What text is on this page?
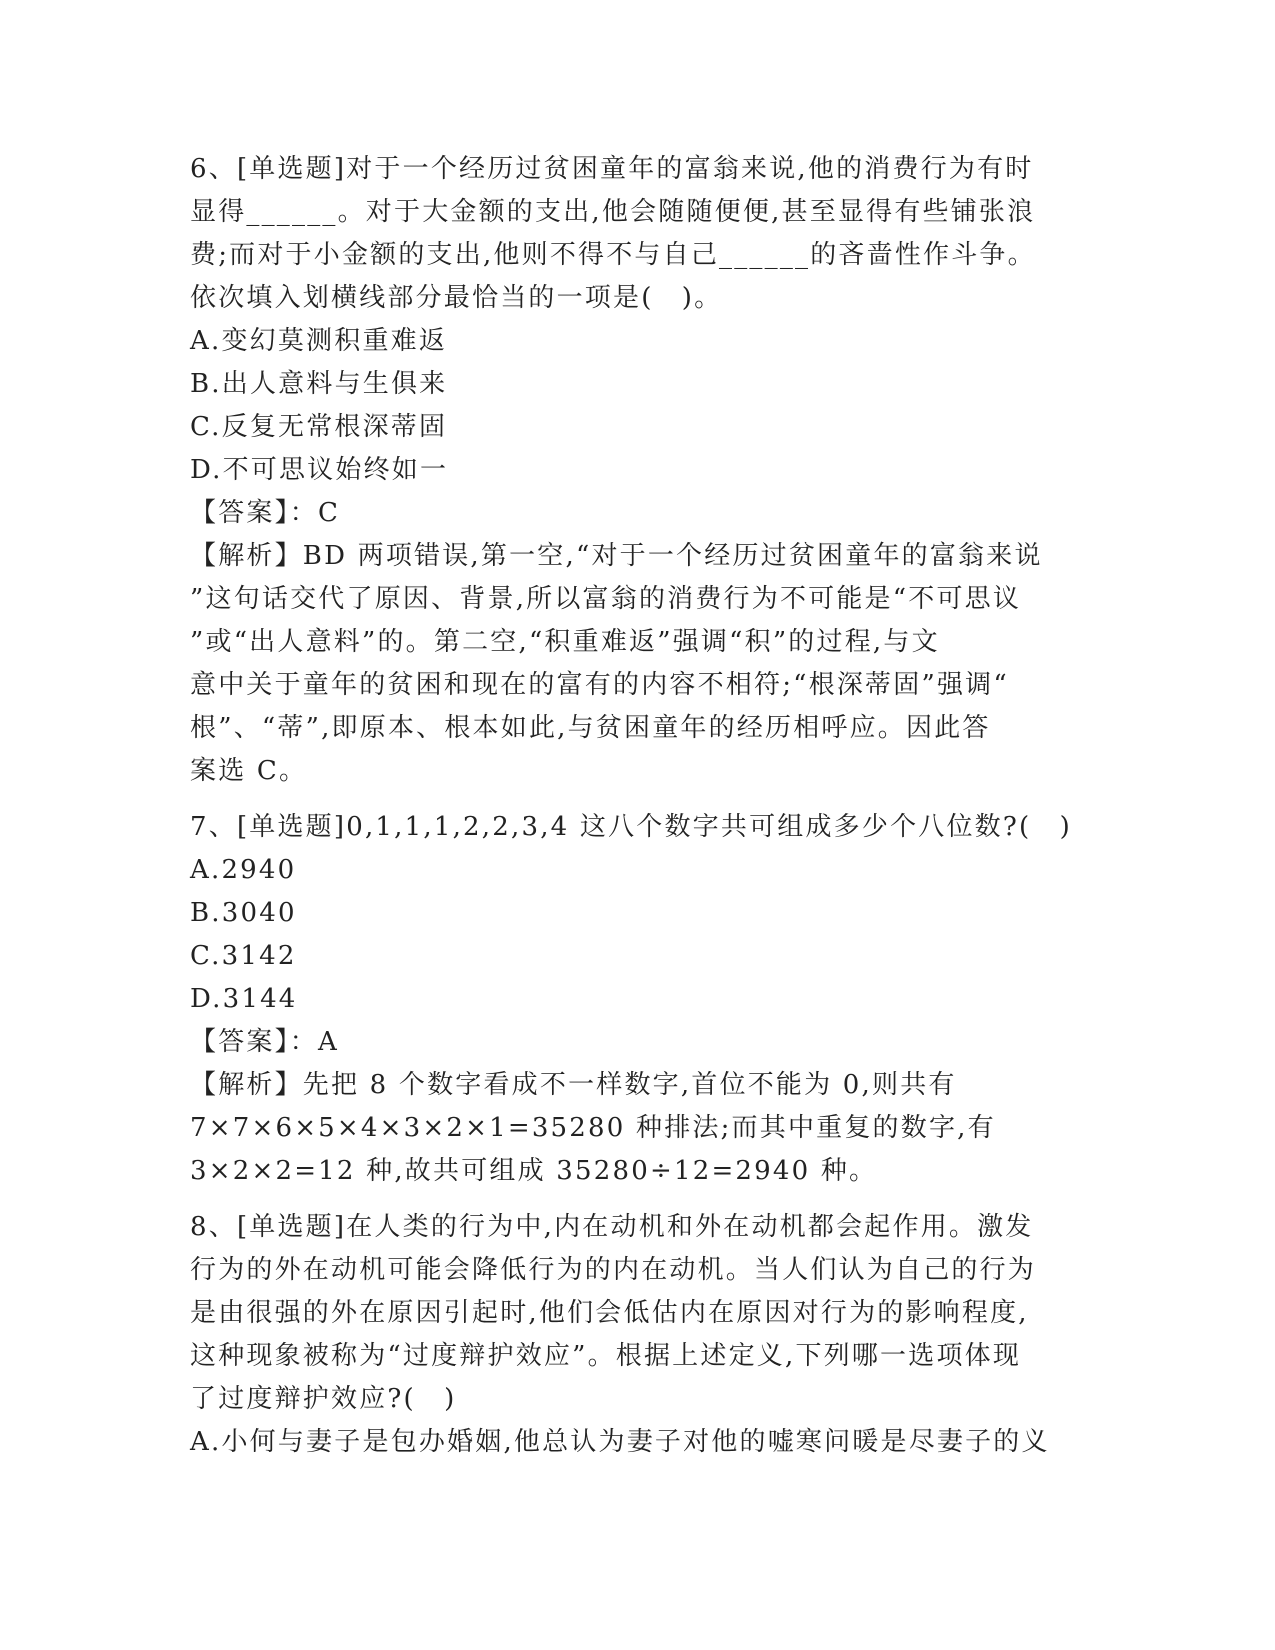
6、[单选题]对于一个经历过贫困童年的富翁来说,他的消费行为有时
显得______。对于大金额的支出,他会随随便便,甚至显得有些铺张浪
费;而对于小金额的支出,他则不得不与自己______的吝啬性作斗争。
依次填入划横线部分最恰当的一项是(　)。
A.变幻莫测积重难返
B.出人意料与生俱来
C.反复无常根深蒂固
D.不可思议始终如一
【答案】：C
【解析】BD 两项错误,第一空,“对于一个经历过贫困童年的富翁来说
”这句话交代了原因、背景,所以富翁的消费行为不可能是“不可思议
”或“出人意料”的。第二空,“积重难返”强调“积”的过程,与文
意中关于童年的贫困和现在的富有的内容不相符;“根深蒂固”强调“
根”、“蒂”,即原本、根本如此,与贫困童年的经历相呼应。因此答
案选 C。
7、[单选题]0,1,1,1,2,2,3,4 这八个数字共可组成多少个八位数?(　)
A.2940
B.3040
C.3142
D.3144
【答案】：A
【解析】先把 8 个数字看成不一样数字,首位不能为 0,则共有
7×7×6×5×4×3×2×1=35280 种排法;而其中重复的数字,有
3×2×2=12 种,故共可组成 35280÷12=2940 种。
8、[单选题]在人类的行为中,内在动机和外在动机都会起作用。激发
行为的外在动机可能会降低行为的内在动机。当人们认为自己的行为
是由很强的外在原因引起时,他们会低估内在原因对行为的影响程度,
这种现象被称为“过度辩护效应”。根据上述定义,下列哪一选项体现
了过度辩护效应?(　)
A.小何与妻子是包办婚姻,他总认为妻子对他的嘘寒问暖是尽妻子的义
